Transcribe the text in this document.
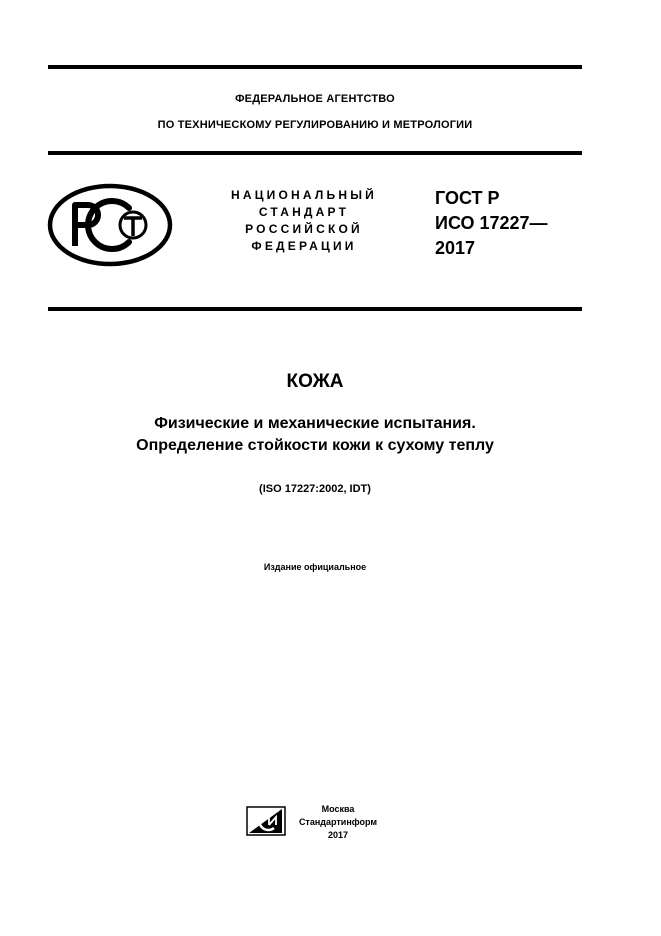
ФЕДЕРАЛЬНОЕ АГЕНТСТВО
ПО ТЕХНИЧЕСКОМУ РЕГУЛИРОВАНИЮ И МЕТРОЛОГИИ
НАЦИОНАЛЬНЫЙ
СТАНДАРТ
РОССИЙСКОЙ
ФЕДЕРАЦИИ
ГОСТ Р
ИСО 17227—
2017
КОЖА
Физические и механические испытания.
Определение стойкости кожи к сухому теплу
(ISO 17227:2002, IDT)
Издание официальное
Москва
Стандартинформ
2017
